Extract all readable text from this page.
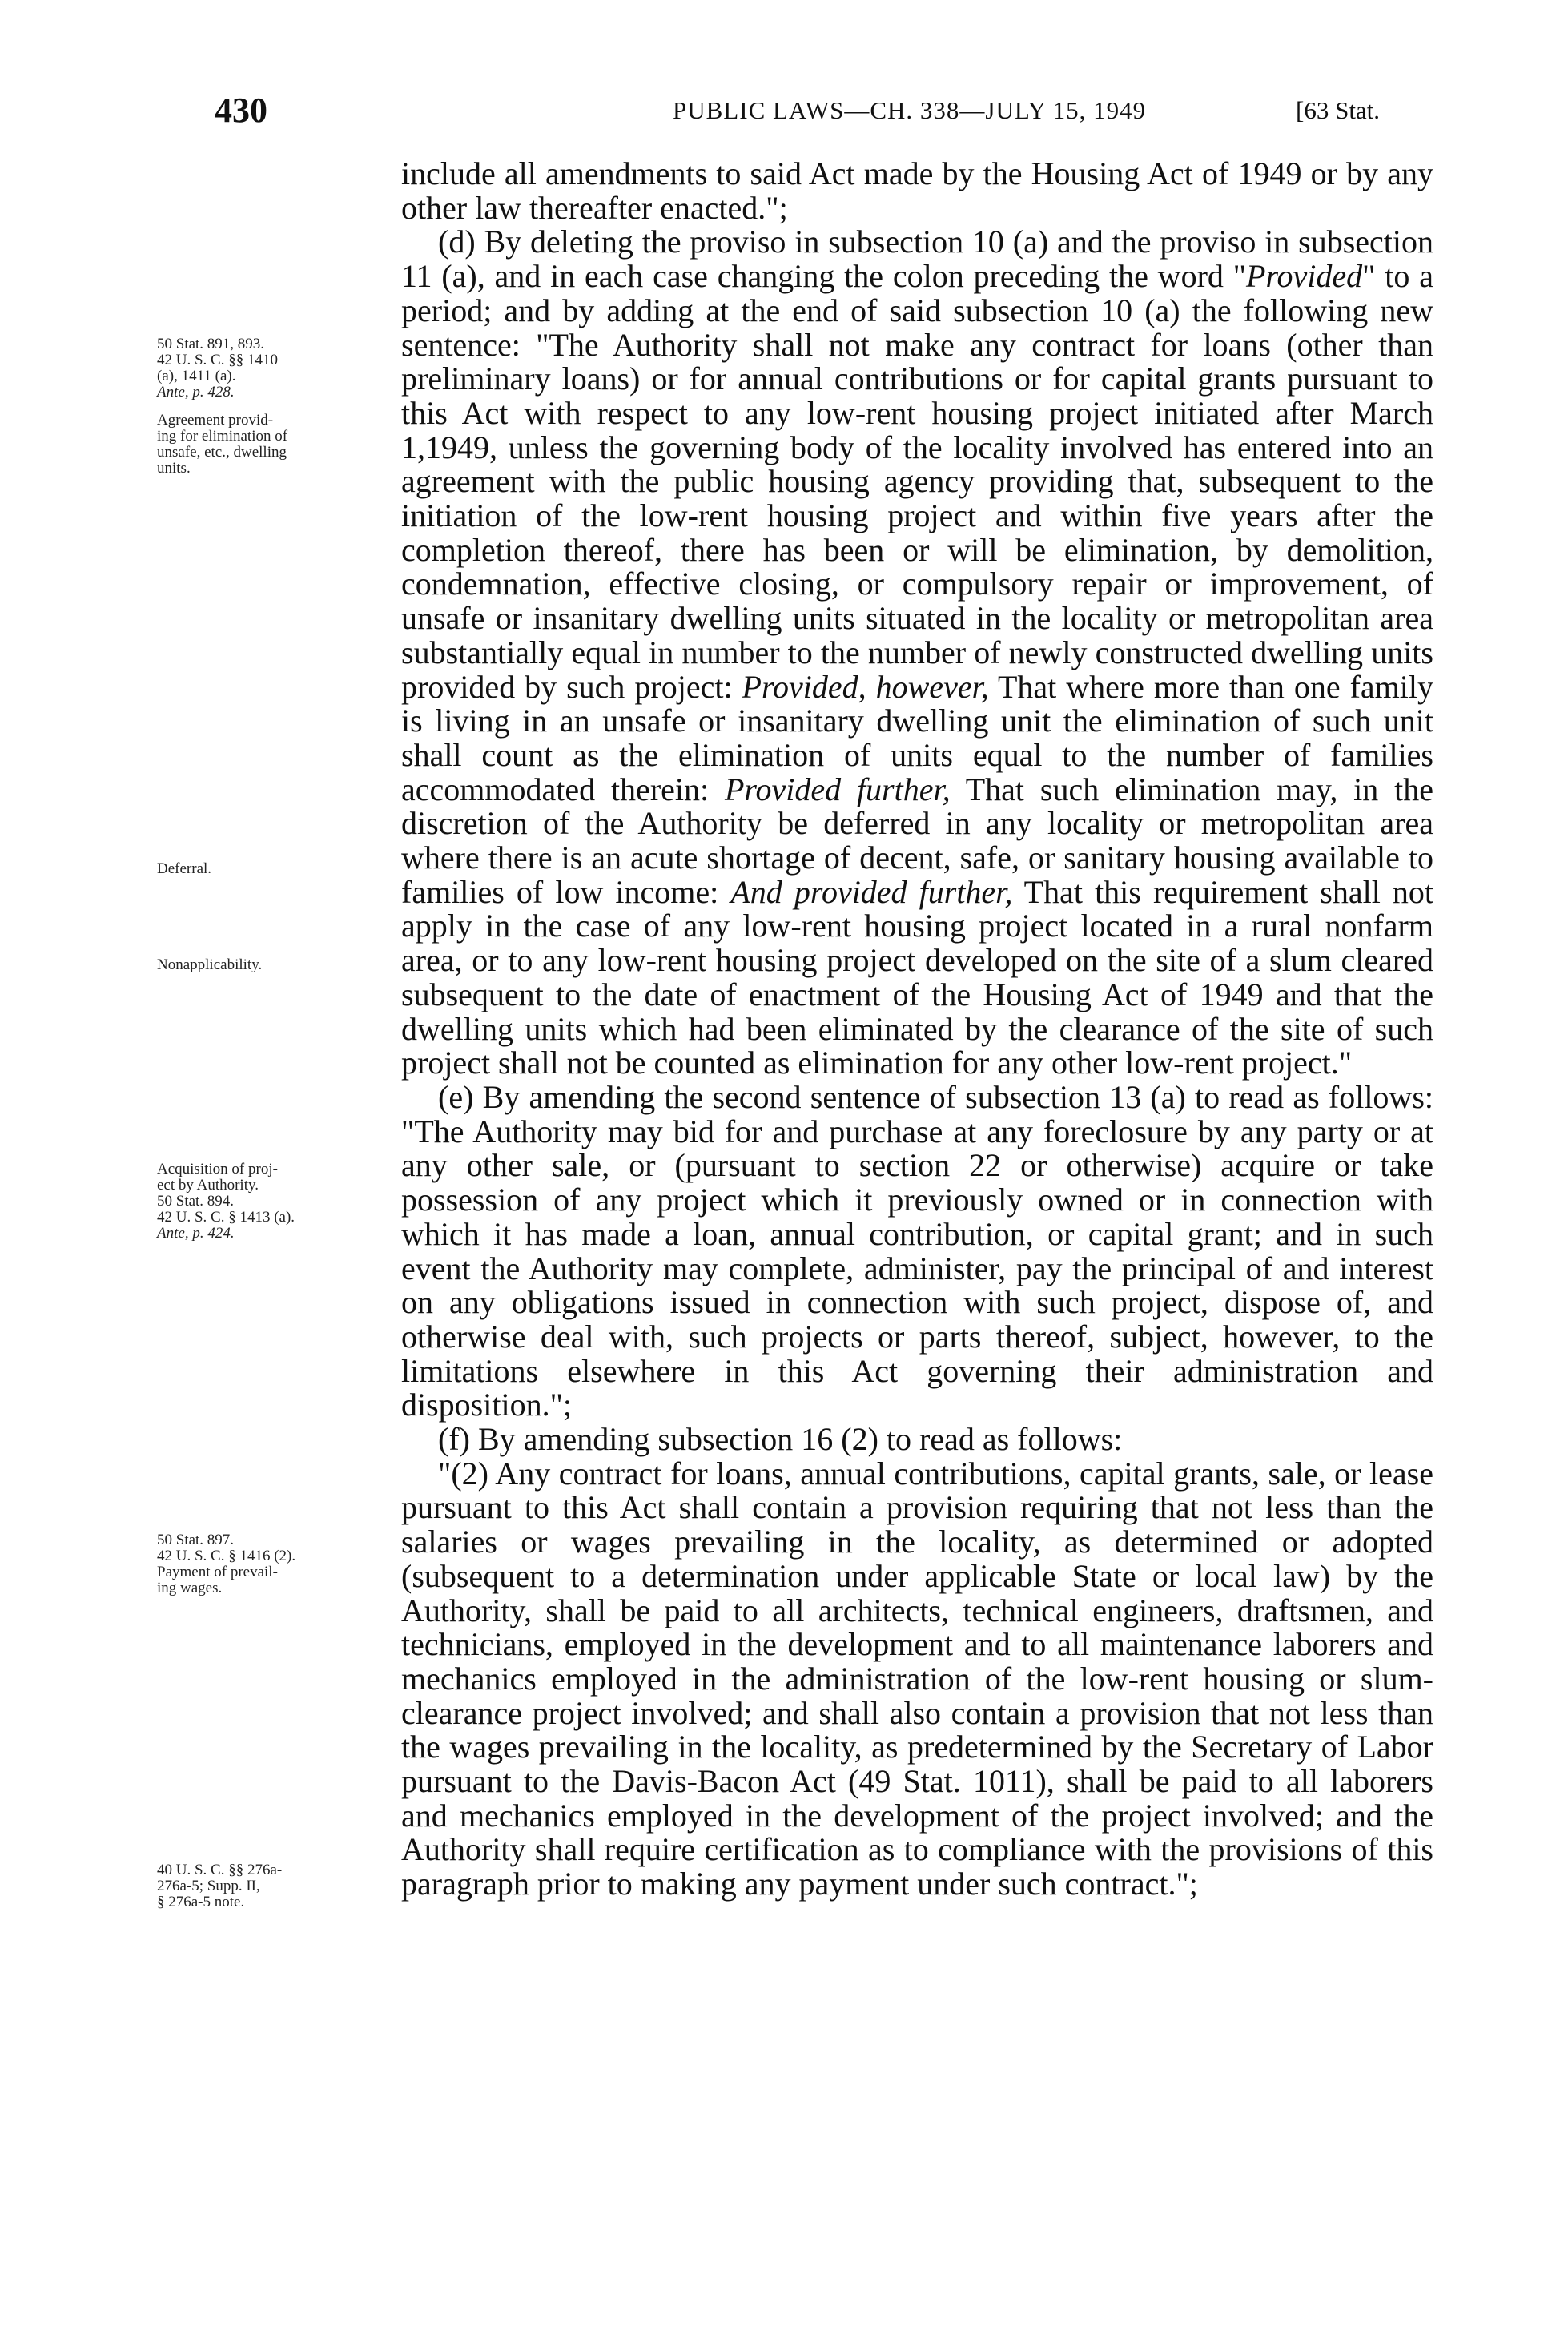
430	PUBLIC LAWS—CH. 338—JULY 15, 1949	[63 Stat.
50 Stat. 891, 893.
42 U. S. C. §§ 1410
(a), 1411 (a).
Ante, p. 428.
Agreement provid-
ing for elimination of
unsafe, etc., dwelling
units.
Deferral.
Nonapplicability.
Acquisition of proj-
ect by Authority.
50 Stat. 894.
42 U. S. C. § 1413 (a).
Ante, p. 424.
50 Stat. 897.
42 U. S. C. § 1416 (2).
Payment of prevail-
ing wages.
40 U. S. C. §§ 276a-
276a-5; Supp. II,
§ 276a-5 note.

include all amendments to said Act made by the Housing Act of 1949 or by any other law thereafter enacted.";

(d) By deleting the proviso in subsection 10 (a) and the proviso in subsection 11 (a), and in each case changing the colon preceding the word "Provided" to a period; and by adding at the end of said subsection 10 (a) the following new sentence: "The Authority shall not make any contract for loans (other than preliminary loans) or for annual contributions or for capital grants pursuant to this Act with respect to any low-rent housing project initiated after March 1,1949, unless the governing body of the locality involved has entered into an agreement with the public housing agency providing that, subsequent to the initiation of the low-rent housing project and within five years after the completion thereof, there has been or will be elimination, by demolition, condemnation, effective closing, or compulsory repair or improvement, of unsafe or insanitary dwelling units situated in the locality or metropolitan area substantially equal in number to the number of newly constructed dwelling units provided by such project: Provided, however, That where more than one family is living in an unsafe or insanitary dwelling unit the elimination of such unit shall count as the elimination of units equal to the number of families accommodated therein: Provided further, That such elimination may, in the discretion of the Authority be deferred in any locality or metropolitan area where there is an acute shortage of decent, safe, or sanitary housing available to families of low income: And provided further, That this requirement shall not apply in the case of any low-rent housing project located in a rural nonfarm area, or to any low-rent housing project developed on the site of a slum cleared subsequent to the date of enactment of the Housing Act of 1949 and that the dwelling units which had been eliminated by the clearance of the site of such project shall not be counted as elimination for any other low-rent project."

(e) By amending the second sentence of subsection 13 (a) to read as follows: "The Authority may bid for and purchase at any foreclosure by any party or at any other sale, or (pursuant to section 22 or otherwise) acquire or take possession of any project which it previously owned or in connection with which it has made a loan, annual contribution, or capital grant; and in such event the Authority may complete, administer, pay the principal of and interest on any obligations issued in connection with such project, dispose of, and otherwise deal with, such projects or parts thereof, subject, however, to the limitations elsewhere in this Act governing their administration and disposition.";

(f) By amending subsection 16 (2) to read as follows:

"(2) Any contract for loans, annual contributions, capital grants, sale, or lease pursuant to this Act shall contain a provision requiring that not less than the salaries or wages prevailing in the locality, as determined or adopted (subsequent to a determination under applicable State or local law) by the Authority, shall be paid to all architects, technical engineers, draftsmen, and technicians, employed in the development and to all maintenance laborers and mechanics employed in the administration of the low-rent housing or slum-clearance project involved; and shall also contain a provision that not less than the wages prevailing in the locality, as predetermined by the Secretary of Labor pursuant to the Davis-Bacon Act (49 Stat. 1011), shall be paid to all laborers and mechanics employed in the development of the project involved; and the Authority shall require certification as to compliance with the provisions of this paragraph prior to making any payment under such contract.";
